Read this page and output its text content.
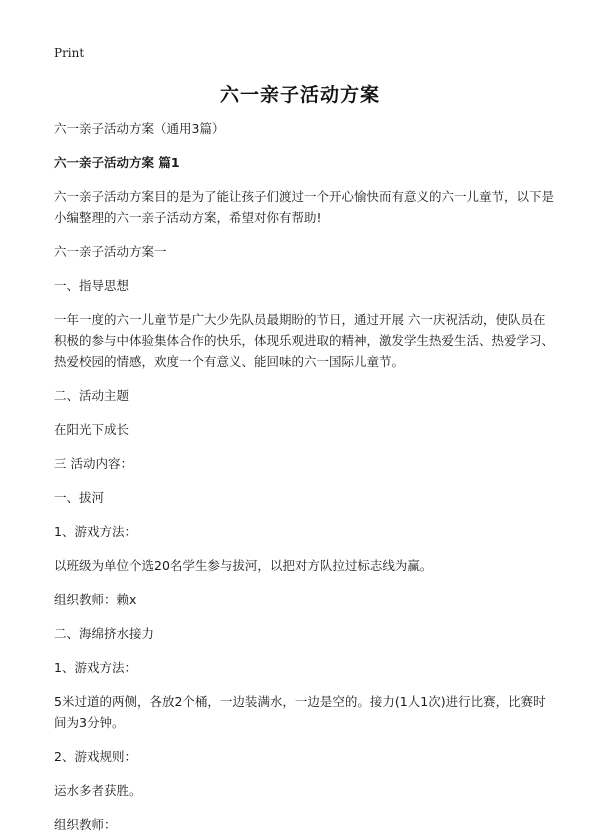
Print
六一亲子活动方案

六一亲子活动方案（通用3篇）

六一亲子活动方案 篇1

六一亲子活动方案目的是为了能让孩子们渡过一个开心愉快而有意义的六一儿童节，以下是小编整理的六一亲子活动方案，希望对你有帮助!

六一亲子活动方案一

一、指导思想

一年一度的六一儿童节是广大少先队员最期盼的节日，通过开展 六一庆祝活动，使队员在积极的参与中体验集体合作的快乐，体现乐观进取的精神，激发学生热爱生活、热爱学习、热爱校园的情感，欢度一个有意义、能回味的六一国际儿童节。

二、活动主题

在阳光下成长

三 活动内容：

一、拔河

1、游戏方法：

以班级为单位个选20名学生参与拔河，以把对方队拉过标志线为赢。

组织教师：赖x

二、海绵挤水接力

1、游戏方法：

5米过道的两侧，各放2个桶，一边装满水，一边是空的。接力(1人1次)进行比赛，比赛时间为3分钟。

2、游戏规则：

运水多者获胜。

组织教师：
